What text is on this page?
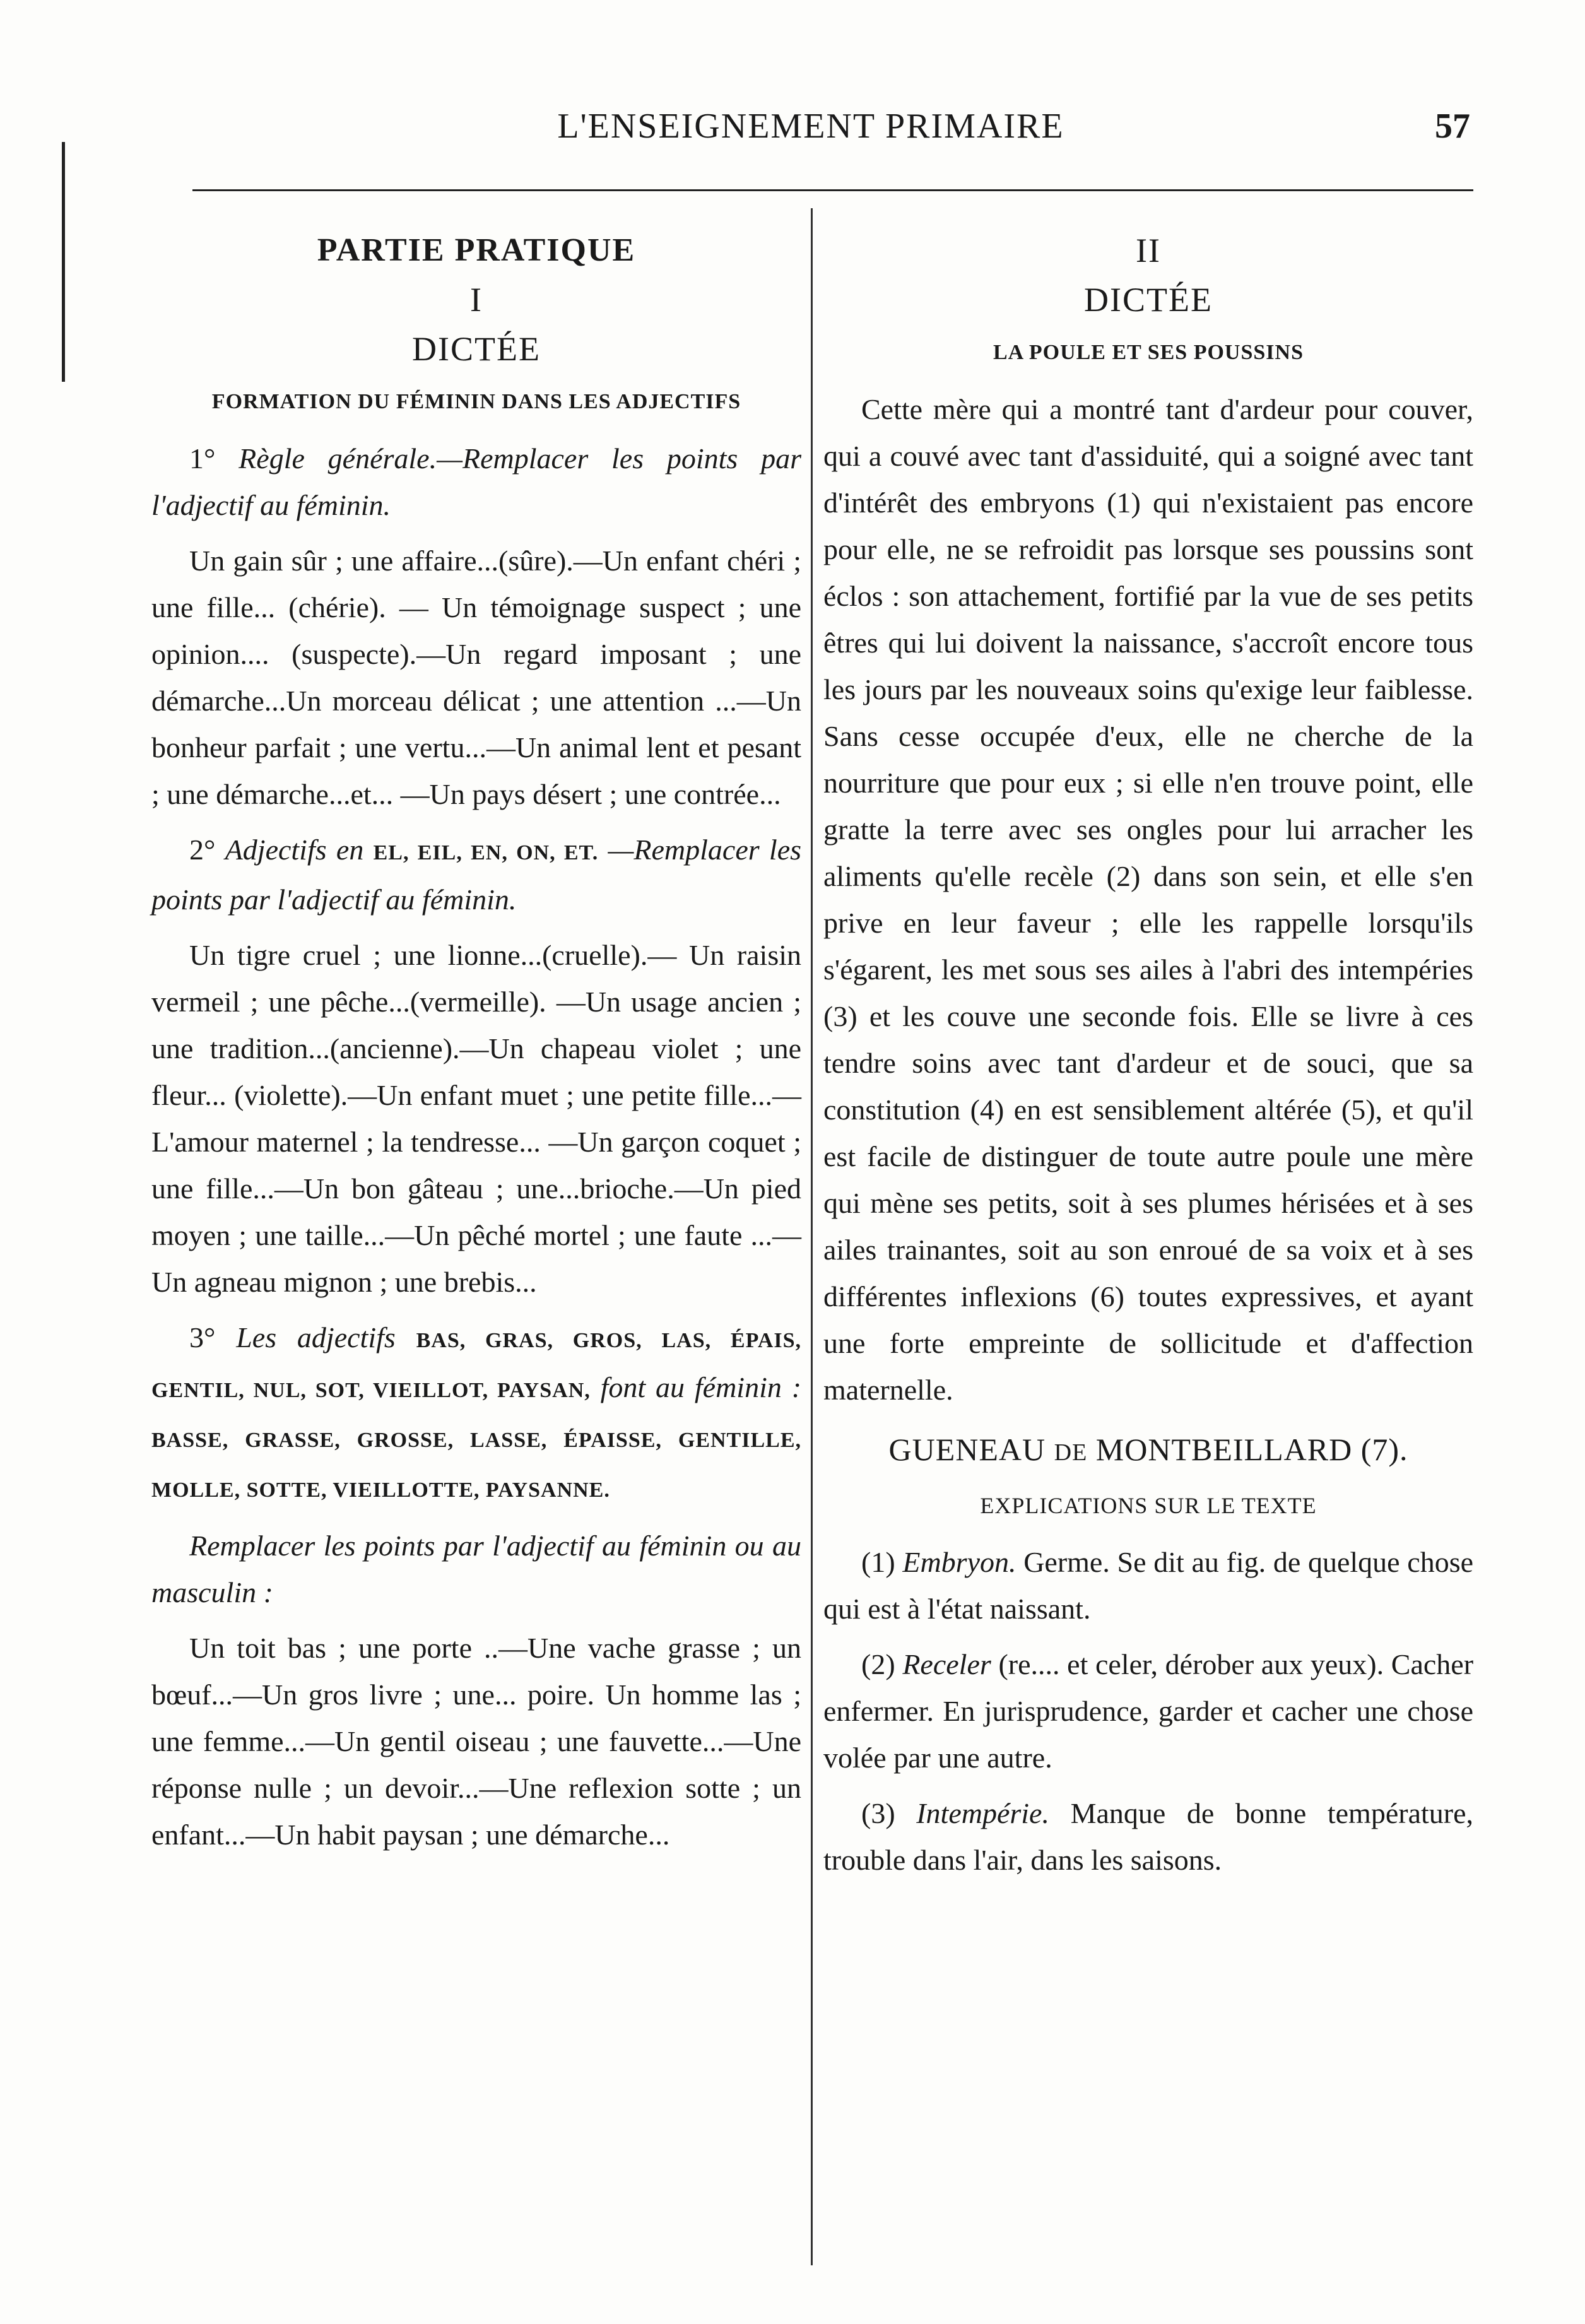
L'ENSEIGNEMENT PRIMAIRE	57
PARTIE PRATIQUE
I
DICTÉE
FORMATION DU FÉMININ DANS LES ADJECTIFS

1° Règle générale.—Remplacer les points par l'adjectif au féminin.

Un gain sûr ; une affaire...(sûre).—Un enfant chéri ; une fille... (chérie). — Un témoignage suspect ; une opinion.... (suspecte).—Un regard imposant ; une démarche...Un morceau délicat ; une attention ...—Un bonheur parfait ; une vertu...—Un animal lent et pesant ; une démarche...et... —Un pays désert ; une contrée...

2° Adjectifs en EL, EIL, EN, ON, ET. —Remplacer les points par l'adjectif au féminin.

Un tigre cruel ; une lionne...(cruelle).— Un raisin vermeil ; une pêche...(vermeille). —Un usage ancien ; une tradition...(ancienne).—Un chapeau violet ; une fleur... (violette).—Un enfant muet ; une petite fille...—L'amour maternel ; la tendresse... —Un garçon coquet ; une fille...—Un bon gâteau ; une...brioche.—Un pied moyen ; une taille...—Un pêché mortel ; une faute ...—Un agneau mignon ; une brebis...

3° Les adjectifs BAS, GRAS, GROS, LAS, ÉPAIS, GENTIL, NUL, SOT, VIEILLOT, PAYSAN, font au féminin : BASSE, GRASSE, GROSSE, LASSE, ÉPAISSE, GENTILLE, MOLLE, SOTTE, VIEILLOTTE, PAYSANNE.

Remplacer les points par l'adjectif au féminin ou au masculin :

Un toit bas ; une porte ..—Une vache grasse ; un bœuf...—Un gros livre ; une... poire. Un homme las ; une femme...—Un gentil oiseau ; une fauvette...—Une réponse nulle ; un devoir...—Une reflexion sotte ; un enfant...—Un habit paysan ; une démarche...

II
DICTÉE
LA POULE ET SES POUSSINS

Cette mère qui a montré tant d'ardeur pour couver, qui a couvé avec tant d'assiduité, qui a soigné avec tant d'intérêt des embryons (1) qui n'existaient pas encore pour elle, ne se refroidit pas lorsque ses poussins sont éclos : son attachement, fortifié par la vue de ses petits êtres qui lui doivent la naissance, s'accroît encore tous les jours par les nouveaux soins qu'exige leur faiblesse. Sans cesse occupée d'eux, elle ne cherche de la nourriture que pour eux ; si elle n'en trouve point, elle gratte la terre avec ses ongles pour lui arracher les aliments qu'elle recèle (2) dans son sein, et elle s'en prive en leur faveur ; elle les rappelle lorsqu'ils s'égarent, les met sous ses ailes à l'abri des intempéries (3) et les couve une seconde fois. Elle se livre à ces tendre soins avec tant d'ardeur et de souci, que sa constitution (4) en est sensiblement altérée (5), et qu'il est facile de distinguer de toute autre poule une mère qui mène ses petits, soit à ses plumes hérisées et à ses ailes trainantes, soit au son enroué de sa voix et à ses différentes inflexions (6) toutes expressives, et ayant une forte empreinte de sollicitude et d'affection maternelle.

GUENEAU DE MONTBEILLARD (7).
EXPLICATIONS SUR LE TEXTE

(1) Embryon. Germe. Se dit au fig. de quelque chose qui est à l'état naissant.

(2) Receler (re.... et celer, dérober aux yeux). Cacher enfermer. En jurisprudence, garder et cacher une chose volée par une autre.

(3) Intempérie. Manque de bonne température, trouble dans l'air, dans les saisons.
